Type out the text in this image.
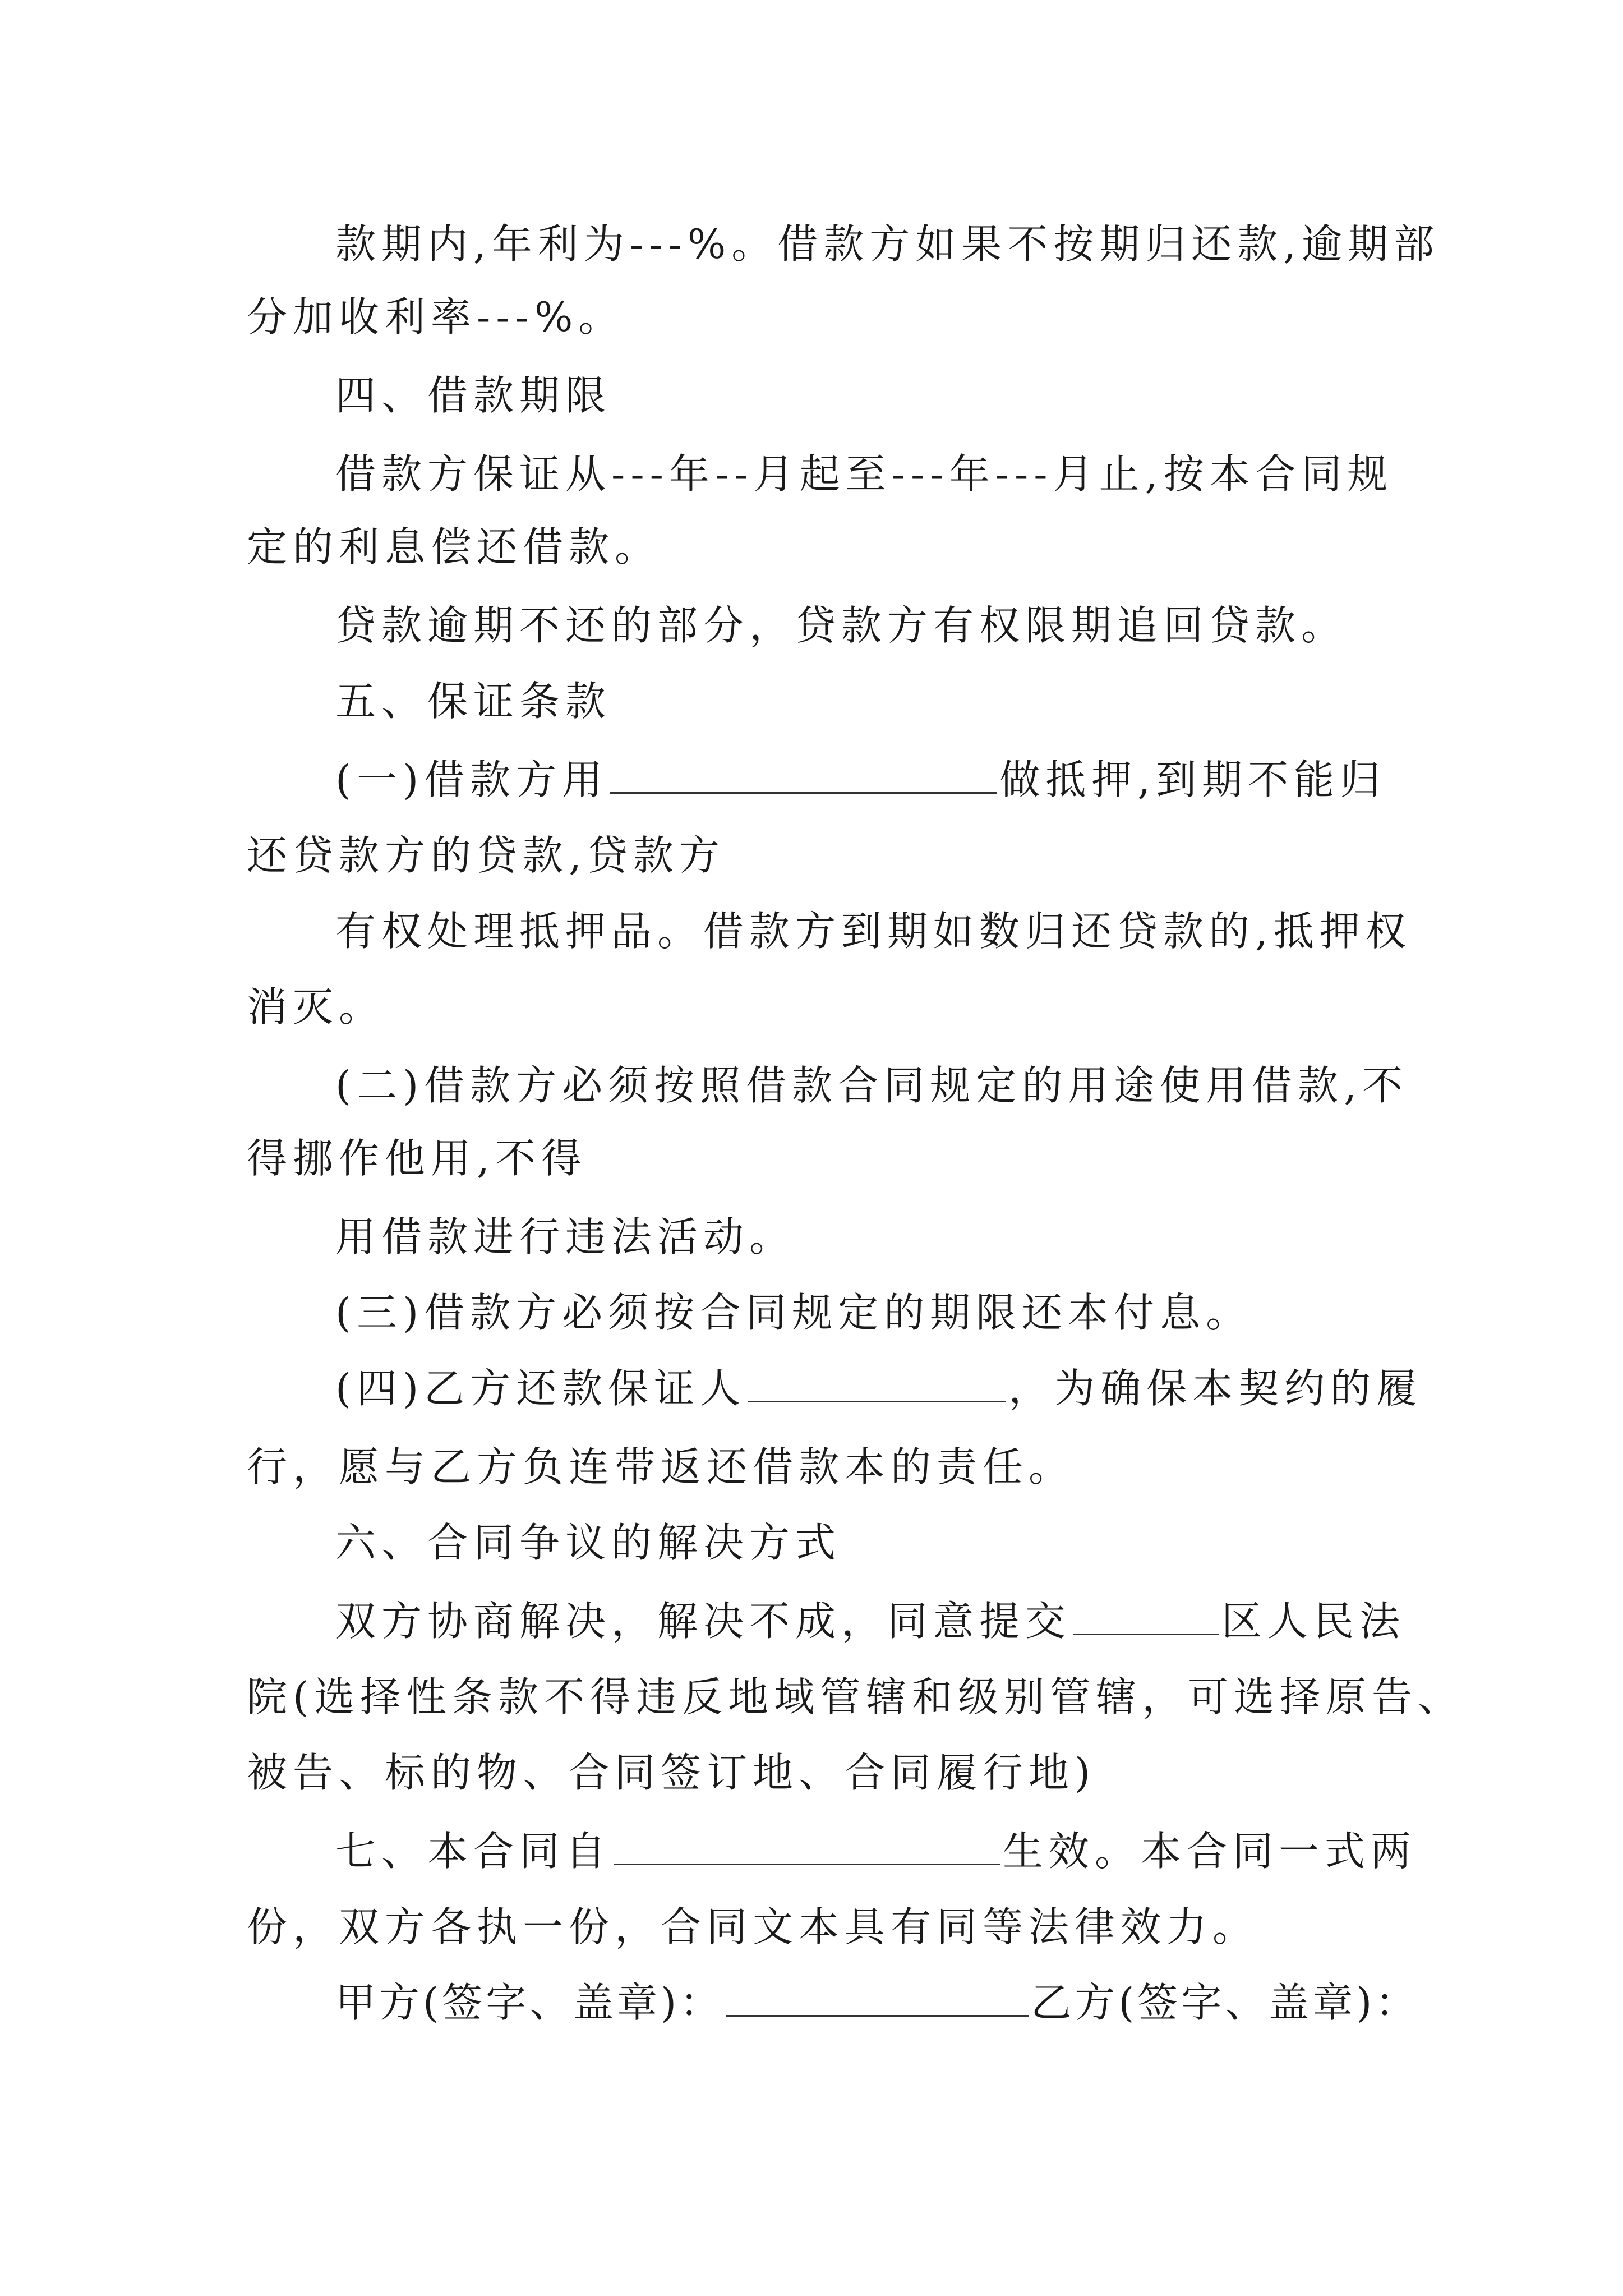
款期内,年利为---%。借款方如果不按期归还款,逾期部
分加收利率---%。
四、借款期限
借款方保证从---年--月起至---年---月止,按本合同规
定的利息偿还借款。
贷款逾期不还的部分，贷款方有权限期追回贷款。
五、保证条款
(一)借款方用	做抵押,到期不能归
还贷款方的贷款,贷款方
有权处理抵押品。借款方到期如数归还贷款的,抵押权
消灭。
(二)借款方必须按照借款合同规定的用途使用借款,不
得挪作他用,不得
用借款进行违法活动。
(三)借款方必须按合同规定的期限还本付息。
(四)乙方还款保证人	，为确保本契约的履
行，愿与乙方负连带返还借款本的责任。
六、合同争议的解决方式
双方协商解决，解决不成，同意提交	区人民法
院(选择性条款不得违反地域管辖和级别管辖，可选择原告、
被告、标的物、合同签订地、合同履行地)
七、本合同自	生效。本合同一式两
份，双方各执一份，合同文本具有同等法律效力。
甲方(签字、盖章)：	乙方(签字、盖章)：
